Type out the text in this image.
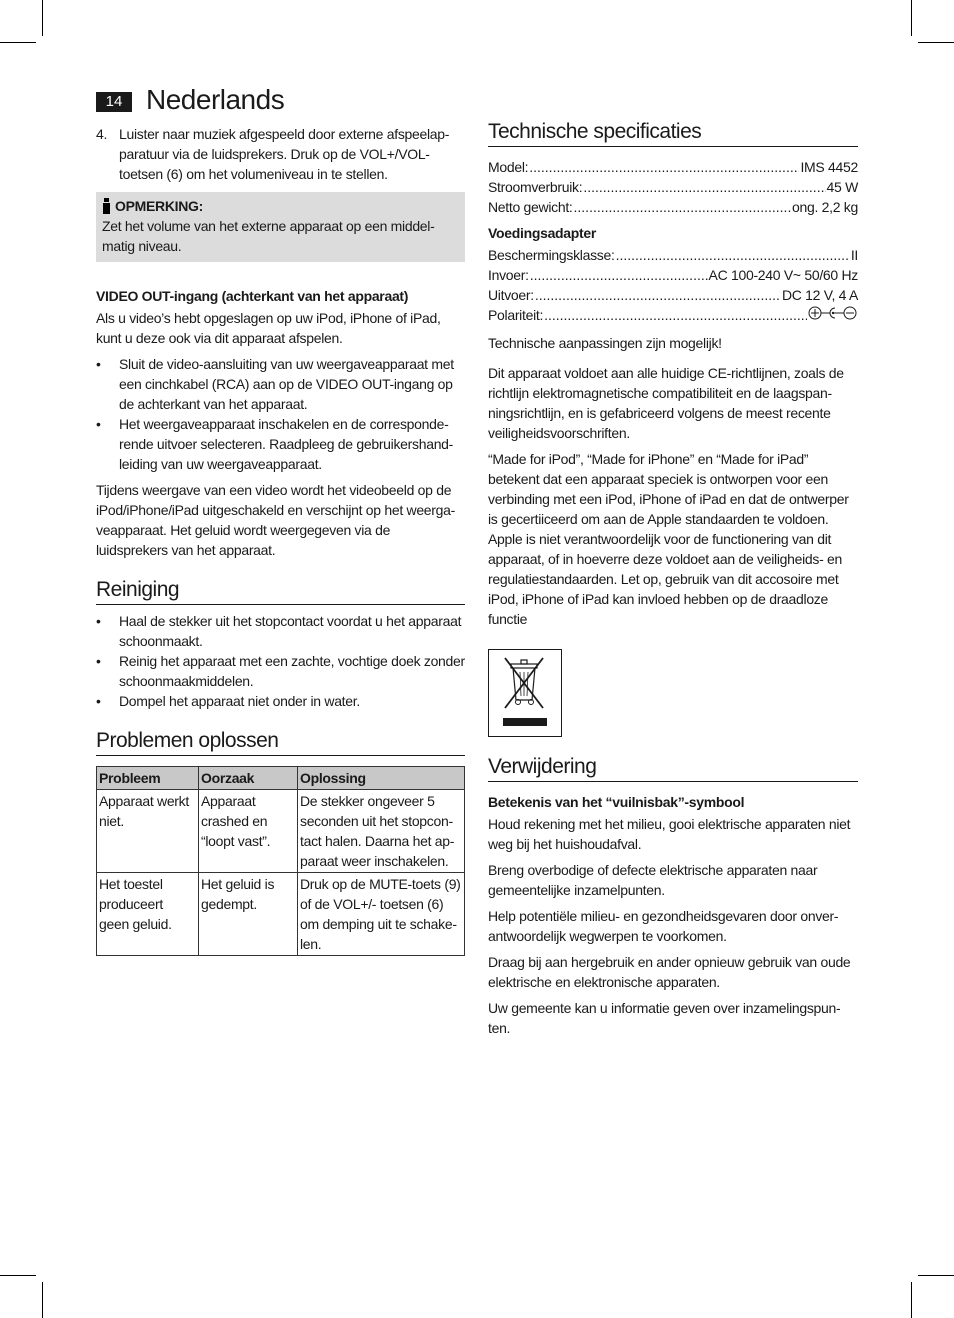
14 Nederlands
4. Luister naar muziek afgespeeld door externe afspeelapparatuur via de luidsprekers. Druk op de VOL+/VOL-toetsen (6) om het volumeniveau in te stellen.
OPMERKING:
Zet het volume van het externe apparaat op een middelmatig niveau.
VIDEO OUT-ingang (achterkant van het apparaat)

Als u video’s hebt opgeslagen op uw iPod, iPhone of iPad, kunt u deze ook via dit apparaat afspelen.

•	Sluit de video-aansluiting van uw weergaveapparaat met een cinchkabel (RCA) aan op de VIDEO OUT-ingang op de achterkant van het apparaat.
•	Het weergaveapparaat inschakelen en de corresponderende uitvoer selecteren. Raadpleeg de gebruikershandleiding van uw weergaveapparaat.

Tijdens weergave van een video wordt het videobeeld op de iPod/iPhone/iPad uitgeschakeld en verschijnt op het weergaveapparaat. Het geluid wordt weergegeven via de luidsprekers van het apparaat.

Reiniging
•	Haal de stekker uit het stopcontact voordat u het apparaat schoonmaakt.
•	Reinig het apparaat met een zachte, vochtige doek zonder schoonmaakmiddelen.
•	Dompel het apparaat niet onder in water.
Problemen oplossen
Probleem	Oorzaak	Oplossing
Apparaat werkt niet.	Apparaat crashed en “loopt vast”.	De stekker ongeveer 5 seconden uit het stopcontact halen. Daarna het apparaat weer inschakelen.
Het toestel produceert geen geluid.	Het geluid is gedempt.	Druk op de MUTE-toets (9) of de VOL+/- toetsen (6) om demping uit te schakelen.
Technische specificaties
Model: .....	IMS 4452
Stroomverbruik: .....	45 W
Netto gewicht: .....	ong. 2,2 kg
Voedingsadapter
Beschermingsklasse: .....	II
Invoer: .....	AC 100-240 V~ 50/60 Hz
Uitvoer: .....	DC 12 V, 4 A
Polariteit:
.....

Technische aanpassingen zijn mogelijk!

Dit apparaat voldoet aan alle huidige CE-richtlijnen, zoals de richtlijn elektromagnetische compatibiliteit en de laagspanningsrichtlijn, en is gefabriceerd volgens de meest recente veiligheidsvoorschriften.

“Made for iPod”, “Made for iPhone” en “Made for iPad” betekent dat een apparaat speciek is ontworpen voor een verbinding met een iPod, iPhone of iPad en dat de ontwerper is gecertiiceerd om aan de Apple standaarden te voldoen. Apple is niet verantwoordelijk voor de functionering van dit apparaat, of in hoeverre deze voldoet aan de veiligheids- en regulatiestandaarden. Let op, gebruik van dit accosoire met iPod, iPhone of iPad kan invloed hebben op de draadloze functie

Verwijdering
Betekenis van het “vuilnisbak”-symbool

Houd rekening met het milieu, gooi elektrische apparaten niet weg bij het huishoudafval.

Breng overbodige of defecte elektrische apparaten naar gemeentelijke inzamelpunten.

Help potentiële milieu- en gezondheidsgevaren door onverantwoordelijk wegwerpen te voorkomen.

Draag bij aan hergebruik en ander opnieuw gebruik van oude elektrische en elektronische apparaten.

Uw gemeente kan u informatie geven over inzamelingspunten.
